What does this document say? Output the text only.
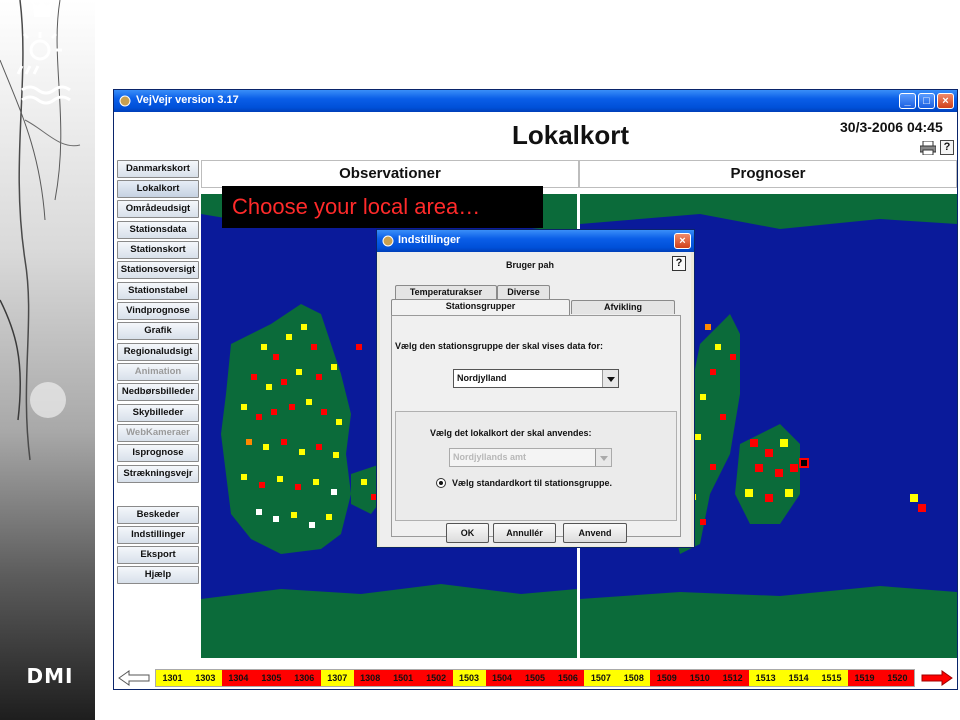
DMI
VejVejr version 3.17	_	□	×
Lokalkort	30/3-2006 04:45
?
Danmarkskort
Lokalkort
Områdeudsigt
Stationsdata
Stationskort
Stationsoversigt
Stationstabel
Vindprognose
Grafik
Regionaludsigt
Animation
Nedbørsbilleder
Skybilleder
WebKameraer
Isprognose
Strækningsvejr
Beskeder
Indstillinger
Eksport
Hjælp
Observationer	Prognoser
1301	1303	1304	1305	1306	1307	1308	1501	1502	1503	1504	1505	1506	1507	1508	1509	1510	1512	1513	1514	1515	1519	1520
Choose your local area…
Indstillinger	×
Bruger pah	?
Temperaturakser	Diverse
Stationsgrupper	Afvikling
Vælg den stationsgruppe der skal vises data for:
Nordjylland
Vælg det lokalkort der skal anvendes:
Nordjyllands amt
Vælg standardkort til stationsgruppe.
OK	Annullér	Anvend
